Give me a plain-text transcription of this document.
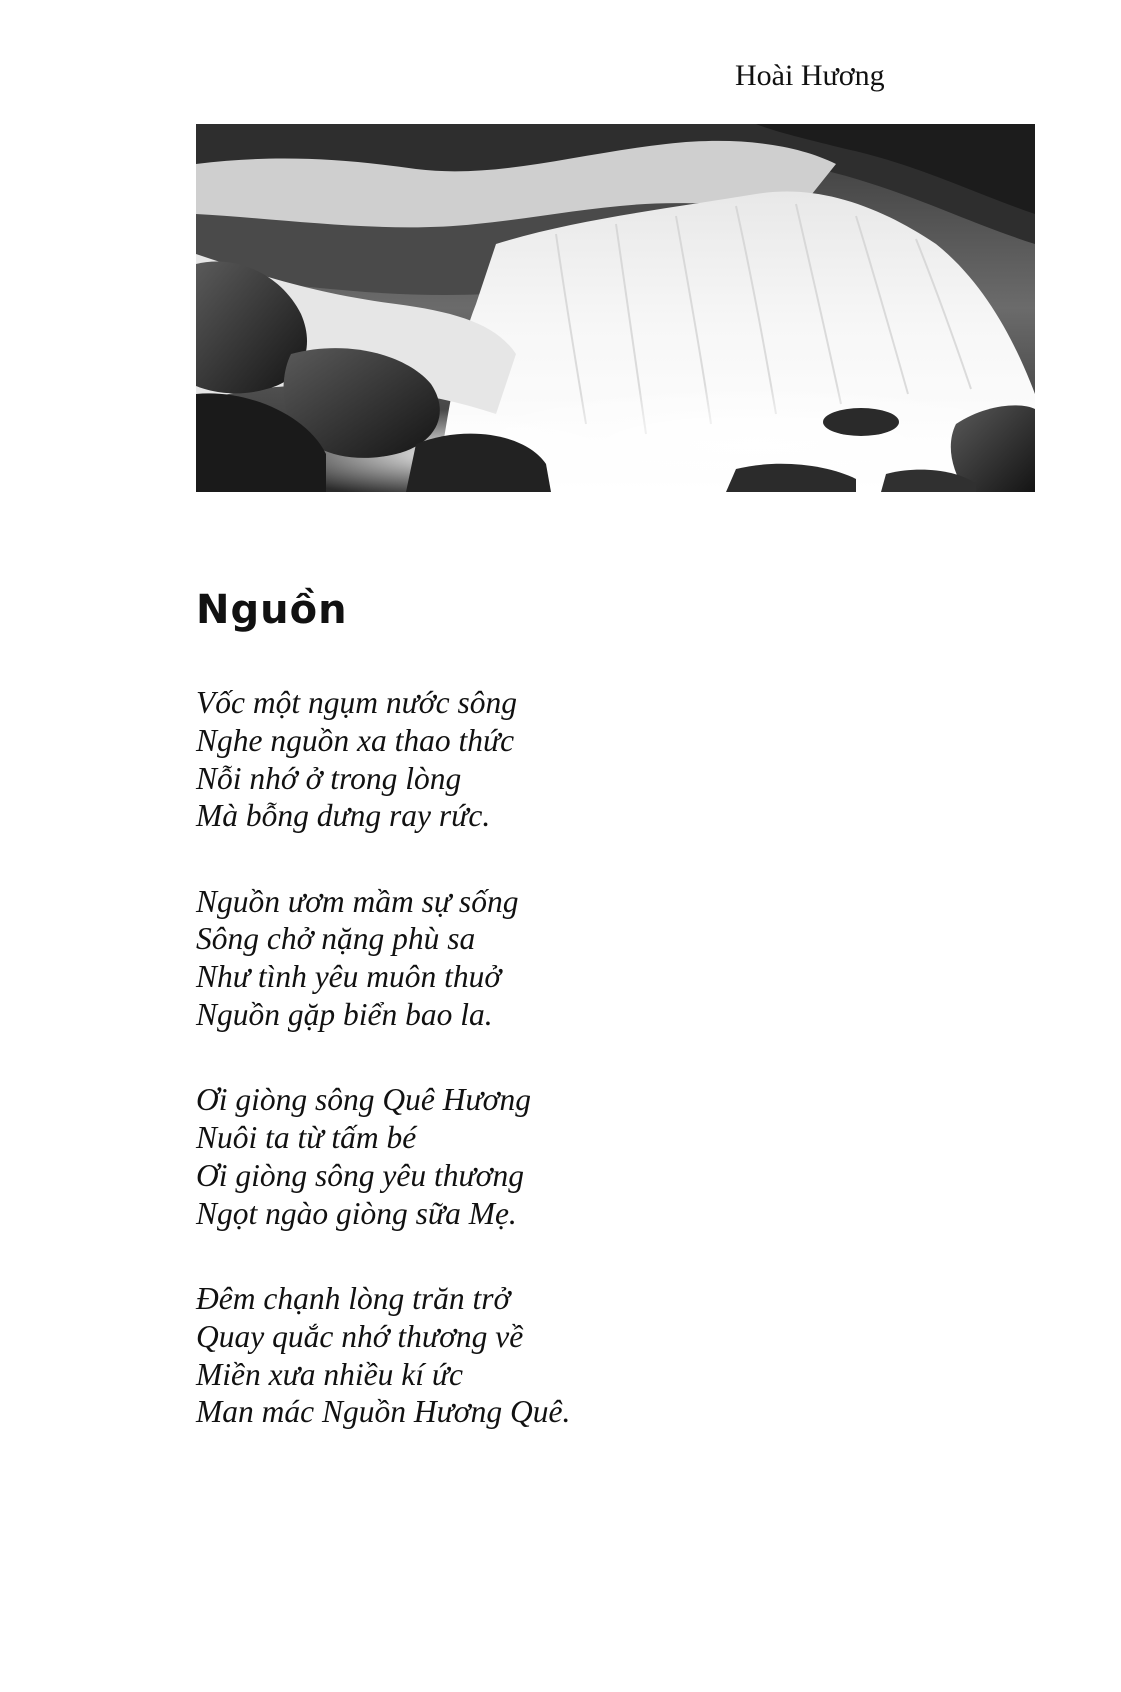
Hoài Hương
Nguồn
Vốc một ngụm nước sông
Nghe nguồn xa thao thức
Nỗi nhớ ở trong lòng
Mà bỗng dưng ray rức.
Nguồn ươm mầm sự sống
Sông chở nặng phù sa
Như tình yêu muôn thuở
Nguồn gặp biển bao la.
Ơi giòng sông Quê Hương
Nuôi ta từ tấm bé
Ơi giòng sông yêu thương
Ngọt ngào giòng sữa Mẹ.
Đêm chạnh lòng trăn trở
Quay quắc nhớ thương về
Miền xưa nhiều kí ức
Man mác Nguồn Hương Quê.
